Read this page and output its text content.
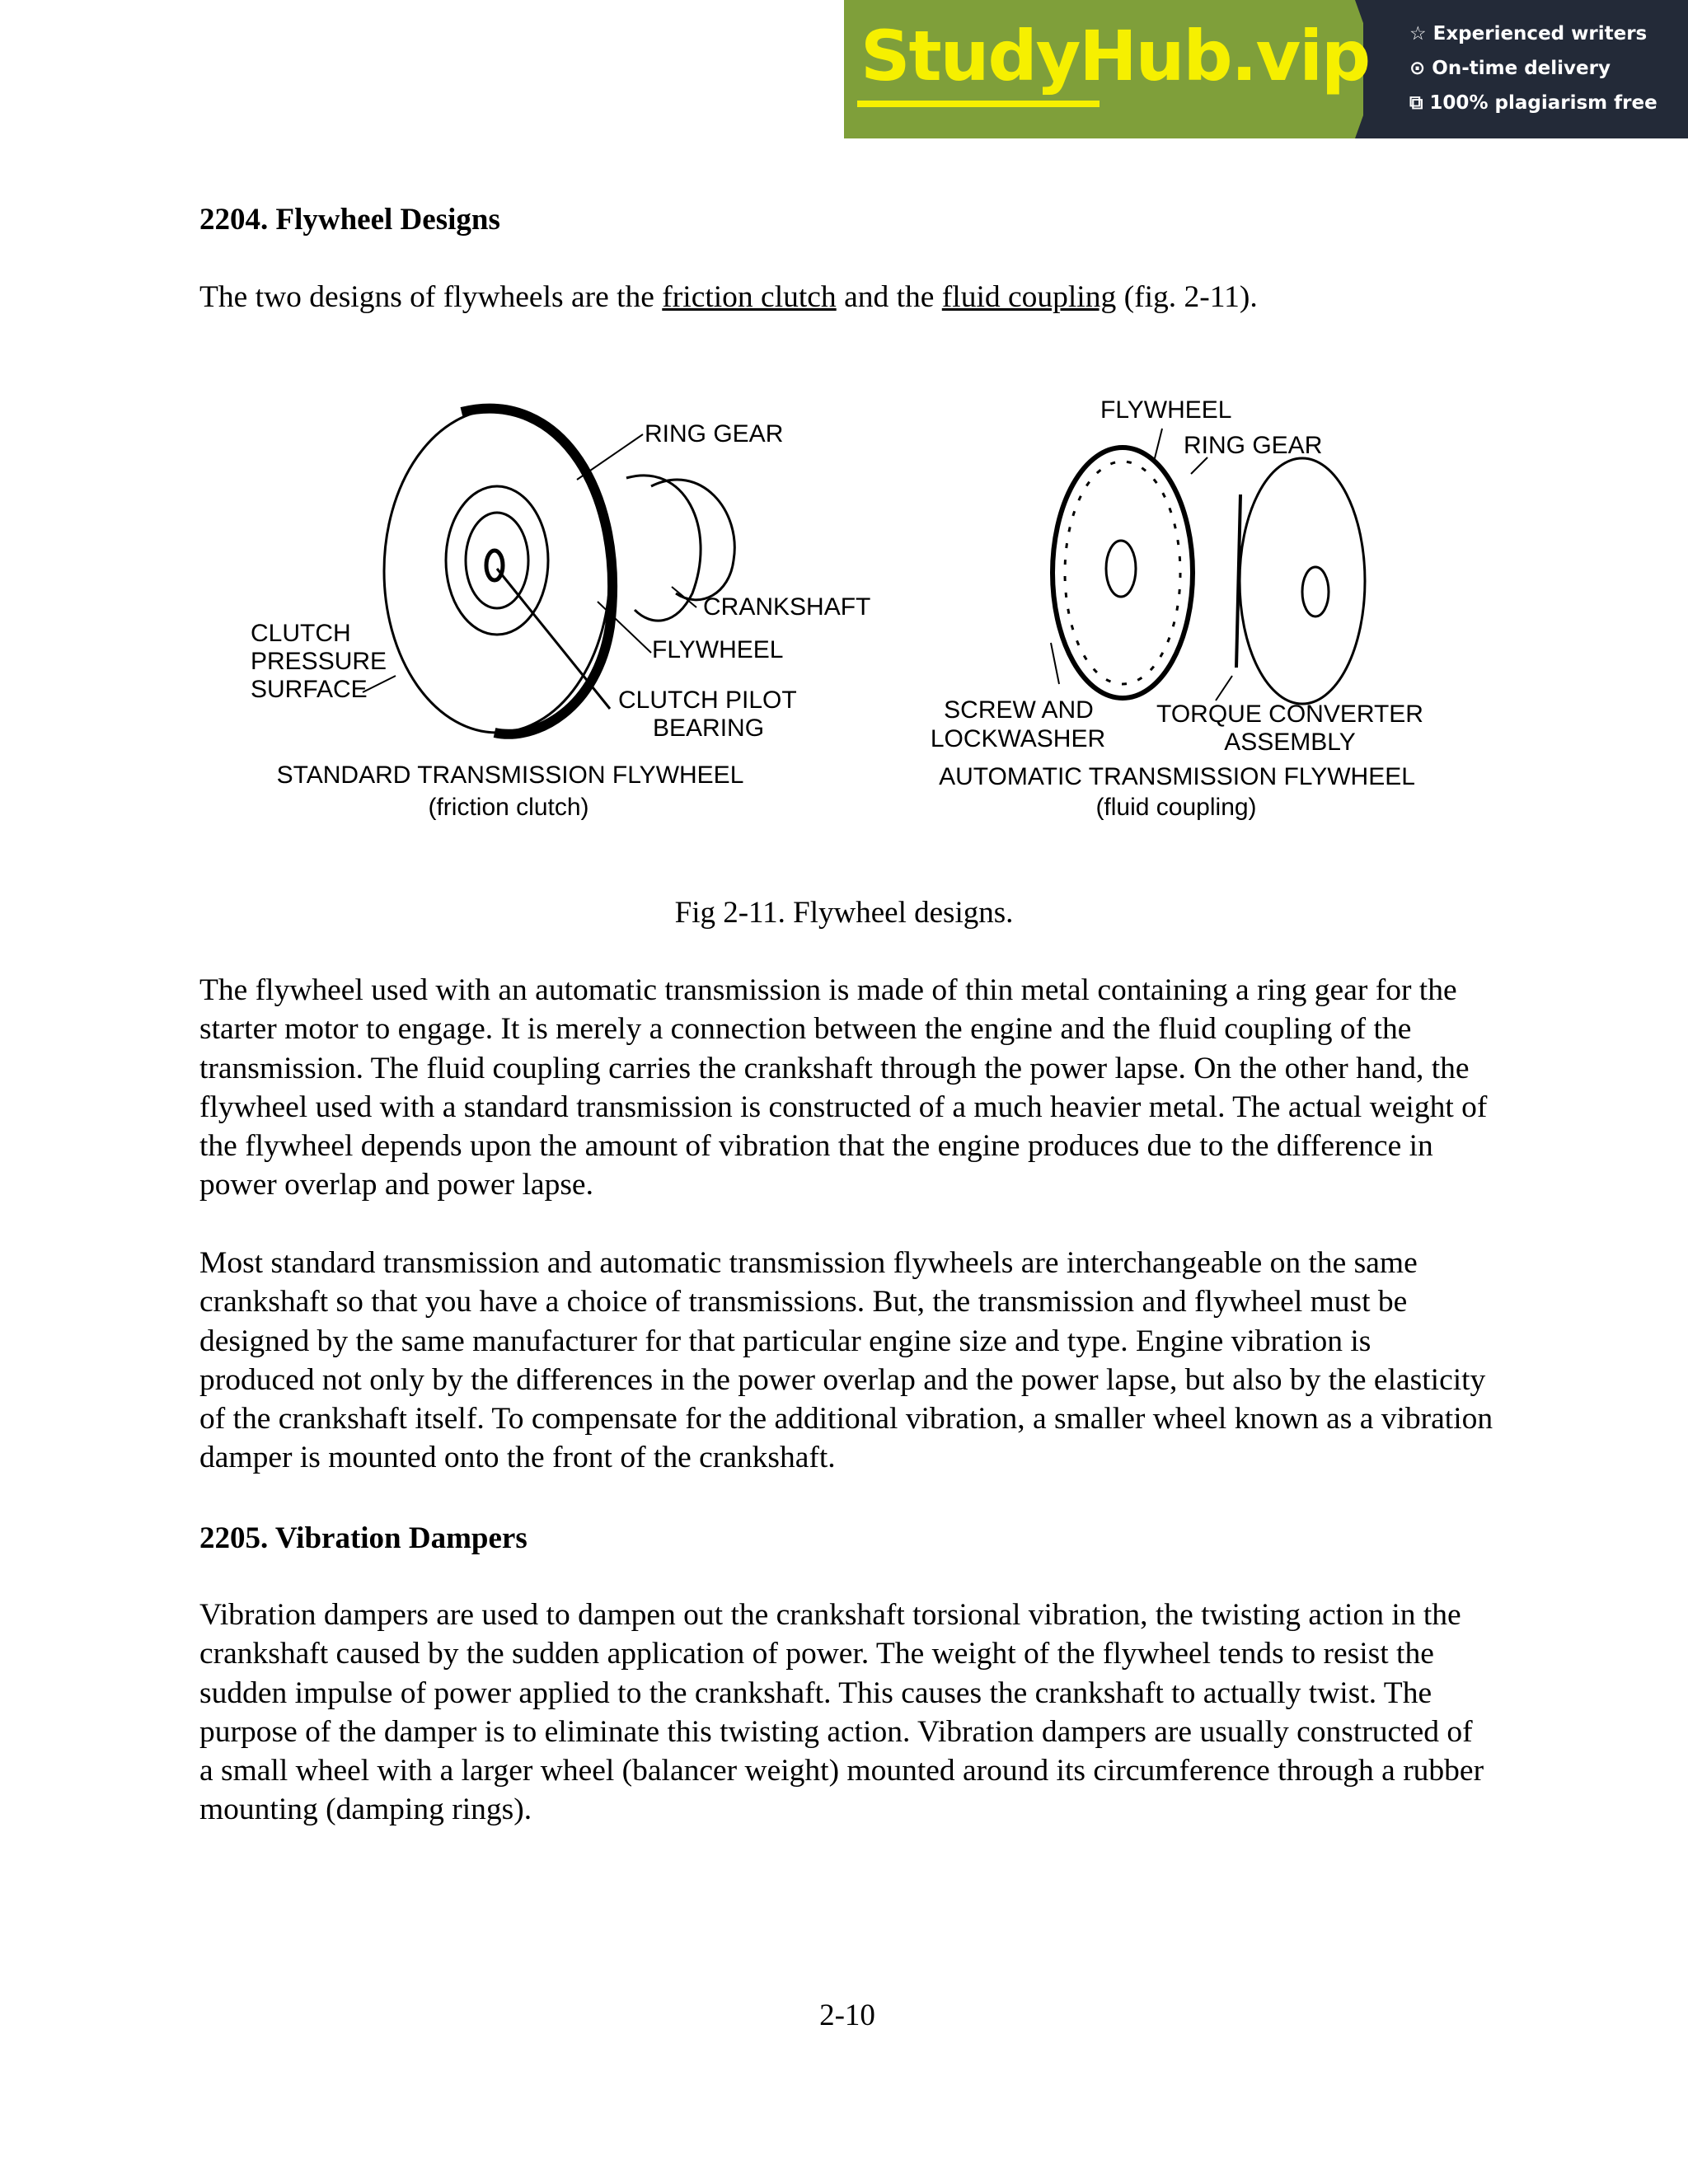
StudyHub.vip ☆ Experienced writers
⊙ On-time delivery
⧉ 100% plagiarism free
2204. Flywheel Designs

The two designs of flywheels are the friction clutch and the fluid coupling (fig. 2-11).

RING GEAR
CRANKSHAFT
FLYWHEEL
CLUTCH PILOT
BEARING
CLUTCH
PRESSURE
SURFACE
STANDARD TRANSMISSION FLYWHEEL
(friction clutch)
FLYWHEEL
RING GEAR
SCREW AND
LOCKWASHER
TORQUE CONVERTER
ASSEMBLY
AUTOMATIC TRANSMISSION FLYWHEEL
(fluid coupling)
Fig 2-11. Flywheel designs.

The flywheel used with an automatic transmission is made of thin metal containing a ring gear for the starter motor to engage. It is merely a connection between the engine and the fluid coupling of the transmission. The fluid coupling carries the crankshaft through the power lapse. On the other hand, the flywheel used with a standard transmission is constructed of a much heavier metal. The actual weight of the flywheel depends upon the amount of vibration that the engine produces due to the difference in power overlap and power lapse.

Most standard transmission and automatic transmission flywheels are interchangeable on the same crankshaft so that you have a choice of transmissions. But, the transmission and flywheel must be designed by the same manufacturer for that particular engine size and type. Engine vibration is produced not only by the differences in the power overlap and the power lapse, but also by the elasticity of the crankshaft itself. To compensate for the additional vibration, a smaller wheel known as a vibration damper is mounted onto the front of the crankshaft.

2205. Vibration Dampers

Vibration dampers are used to dampen out the crankshaft torsional vibration, the twisting action in the crankshaft caused by the sudden application of power. The weight of the flywheel tends to resist the sudden impulse of power applied to the crankshaft. This causes the crankshaft to actually twist. The purpose of the damper is to eliminate this twisting action. Vibration dampers are usually constructed of a small wheel with a larger wheel (balancer weight) mounted around its circumference through a rubber mounting (damping rings).

2-10
